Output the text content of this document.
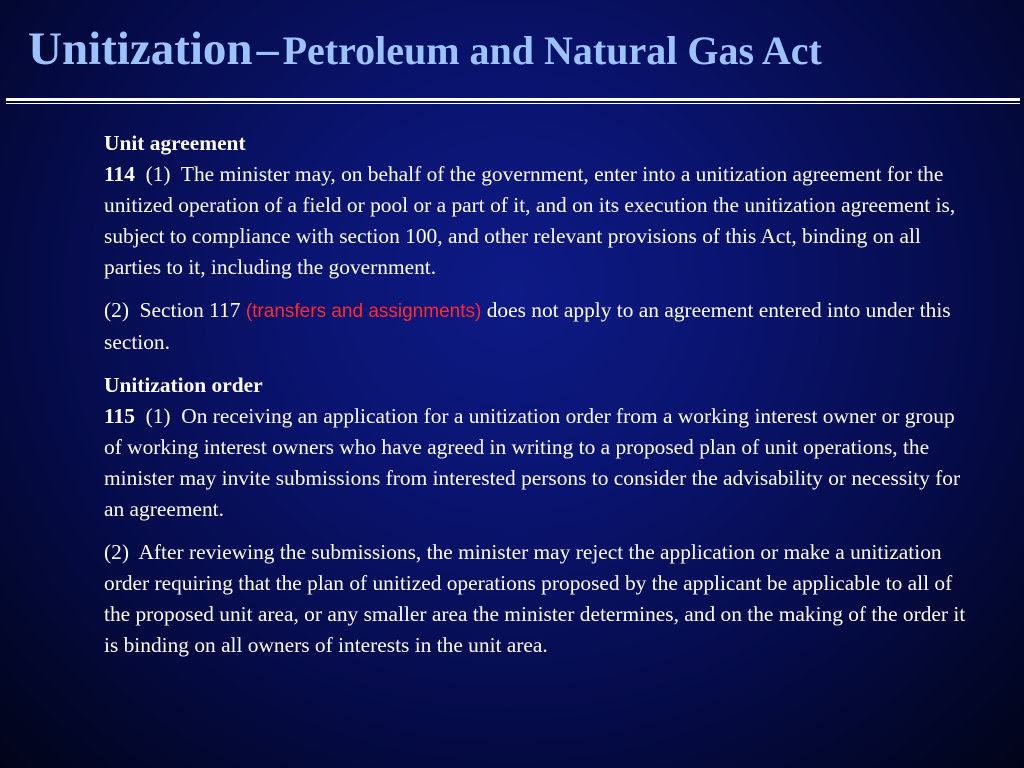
Unitization– Petroleum and Natural Gas Act

Unit agreement

114 (1) The minister may, on behalf of the government, enter into a unitization agreement for the unitized operation of a field or pool or a part of it, and on its execution the unitization agreement is, subject to compliance with section 100, and other relevant provisions of this Act, binding on all parties to it, including the government.

(2) Section 117 (transfers and assignments) does not apply to an agreement entered into under this section.

Unitization order

115 (1) On receiving an application for a unitization order from a working interest owner or group of working interest owners who have agreed in writing to a proposed plan of unit operations, the minister may invite submissions from interested persons to consider the advisability or necessity for an agreement.

(2) After reviewing the submissions, the minister may reject the application or make a unitization order requiring that the plan of unitized operations proposed by the applicant be applicable to all of the proposed unit area, or any smaller area the minister determines, and on the making of the order it is binding on all owners of interests in the unit area.
